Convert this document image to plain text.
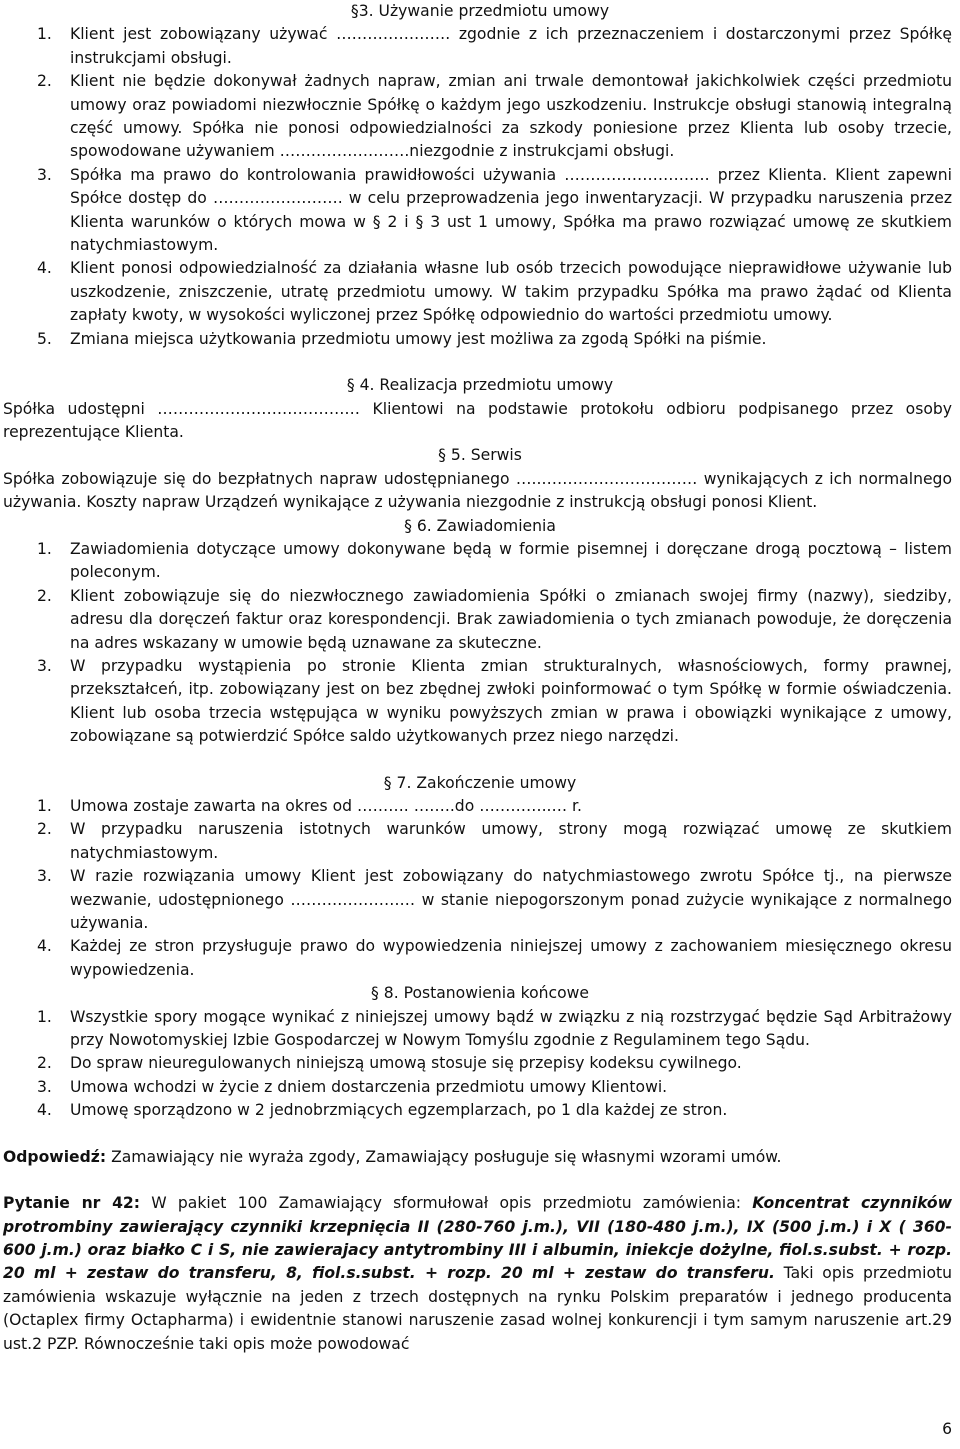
§3. Używanie przedmiotu umowy
1. Klient jest zobowiązany używać …………………. zgodnie z ich przeznaczeniem i dostarczonymi przez Spółkę instrukcjami obsługi.
2. Klient nie będzie dokonywał żadnych napraw, zmian ani trwale demontował jakichkolwiek części przedmiotu umowy oraz powiadomi niezwłocznie Spółkę o każdym jego uszkodzeniu. Instrukcje obsługi stanowią integralną część umowy. Spółka nie ponosi odpowiedzialności za szkody poniesione przez Klienta lub osoby trzecie, spowodowane używaniem …………………….niezgodnie z instrukcjami obsługi.
3. Spółka ma prawo do kontrolowania prawidłowości używania ………………………. przez Klienta. Klient zapewni Spółce dostęp do ……………………. w celu przeprowadzenia jego inwentaryzacji. W przypadku naruszenia przez Klienta warunków o których mowa w § 2 i § 3 ust 1 umowy, Spółka ma prawo rozwiązać umowę ze skutkiem natychmiastowym.
4. Klient ponosi odpowiedzialność za działania własne lub osób trzecich powodujące nieprawidłowe używanie lub uszkodzenie, zniszczenie, utratę przedmiotu umowy. W takim przypadku Spółka ma prawo żądać od Klienta zapłaty kwoty, w wysokości wyliczonej przez Spółkę odpowiednio do wartości przedmiotu umowy.
5. Zmiana miejsca użytkowania przedmiotu umowy jest możliwa za zgodą Spółki na piśmie.
§ 4. Realizacja przedmiotu umowy
Spółka udostępni ………………………………… Klientowi na podstawie protokołu odbioru podpisanego przez osoby reprezentujące Klienta.
§ 5. Serwis
Spółka zobowiązuje się do bezpłatnych napraw udostępnianego …..………………………… wynikających z ich normalnego używania. Koszty napraw Urządzeń wynikające z używania niezgodnie z instrukcją obsługi ponosi Klient.
§ 6. Zawiadomienia
1. Zawiadomienia dotyczące umowy dokonywane będą w formie pisemnej i doręczane drogą pocztową – listem poleconym.
2. Klient zobowiązuje się do niezwłocznego zawiadomienia Spółki o zmianach swojej firmy (nazwy), siedziby, adresu dla doręczeń faktur oraz korespondencji. Brak zawiadomienia o tych zmianach powoduje, że doręczenia na adres wskazany w umowie będą uznawane za skuteczne.
3. W przypadku wystąpienia po stronie Klienta zmian strukturalnych, własnościowych, formy prawnej, przekształceń, itp. zobowiązany jest on bez zbędnej zwłoki poinformować o tym Spółkę w formie oświadczenia. Klient lub osoba trzecia wstępująca w wyniku powyższych zmian w prawa i obowiązki wynikające z umowy, zobowiązane są potwierdzić Spółce saldo użytkowanych przez niego narzędzi.
§ 7. Zakończenie umowy
1. Umowa zostaje zawarta na okres od ………. ……..do …………..… r.
2. W przypadku naruszenia istotnych warunków umowy, strony mogą rozwiązać umowę ze skutkiem natychmiastowym.
3. W razie rozwiązania umowy Klient jest zobowiązany do natychmiastowego zwrotu Spółce tj., na pierwsze wezwanie, udostępnionego …………………… w stanie niepogorszonym ponad zużycie wynikające z normalnego używania.
4. Każdej ze stron przysługuje prawo do wypowiedzenia niniejszej umowy z zachowaniem miesięcznego okresu wypowiedzenia.
§ 8. Postanowienia końcowe
1. Wszystkie spory mogące wynikać z niniejszej umowy bądź w związku z nią rozstrzygać będzie Sąd Arbitrażowy przy Nowotomyskiej Izbie Gospodarczej w Nowym Tomyślu zgodnie z Regulaminem tego Sądu.
2. Do spraw nieuregulowanych niniejszą umową stosuje się przepisy kodeksu cywilnego.
3. Umowa wchodzi w życie z dniem dostarczenia przedmiotu umowy Klientowi.
4. Umowę sporządzono w 2 jednobrzmiących egzemplarzach, po 1 dla każdej ze stron.
Odpowiedź: Zamawiający nie wyraża zgody, Zamawiający posługuje się własnymi wzorami umów.
Pytanie nr 42: W pakiet 100 Zamawiający sformułował opis przedmiotu zamówienia: Koncentrat czynników protrombiny zawierający czynniki krzepnięcia II (280-760 j.m.), VII (180-480 j.m.), IX (500 j.m.) i X ( 360-600 j.m.) oraz białko C i S, nie zawierajacy antytrombiny III i albumin, iniekcje dożylne, fiol.s.subst. + rozp. 20 ml + zestaw do transferu, 8, fiol.s.subst. + rozp. 20 ml + zestaw do transferu. Taki opis przedmiotu zamówienia wskazuje wyłącznie na jeden z trzech dostępnych na rynku Polskim preparatów i jednego producenta (Octaplex firmy Octapharma) i ewidentnie stanowi naruszenie zasad wolnej konkurencji i tym samym naruszenie art.29 ust.2 PZP. Równocześnie taki opis może powodować
6
